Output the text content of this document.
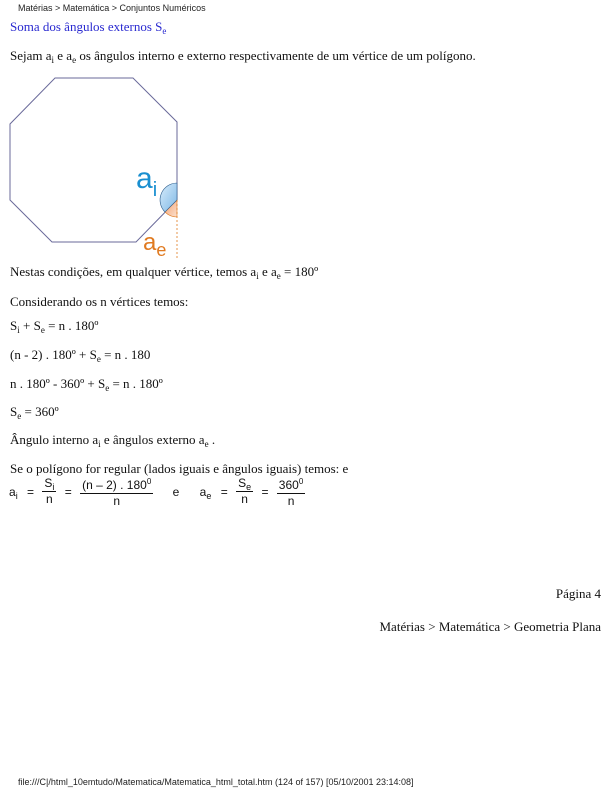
Matérias > Matemática > Conjuntos Numéricos
Soma dos ângulos externos $S_e$
Sejam $a_i$ e $a_e$ os ângulos interno e externo respectivamente de um vértice de um polígono.
$a_i$
$a_e$
Nestas condições, em qualquer vértice, temos $a_i$ e $a_e$ = 180º
Considerando os n vértices temos:
$S_i + S_e = n$ . 180º
(n - 2) . 180º + $S_e = n$ . 180
n . 180º - 360º + $S_e = n$ . 180º
$S_e$ = 360º
Ângulo interno $a_i$ e ângulos externo $a_e$ .
Se o polígono for regular (lados iguais e ângulos iguais) temos: e
$a_i = \frac{S_i}{n} = \frac{(n - 2) . 180^0}{n}$ e $a_e = \frac{S_e}{n} = \frac{360^0}{n}$
Página 4
Matérias > Matemática > Geometria Plana
file:///C|/html_10emtudo/Matematica/Matematica_html_total.htm (124 of 157) [05/10/2001 23:14:08]
